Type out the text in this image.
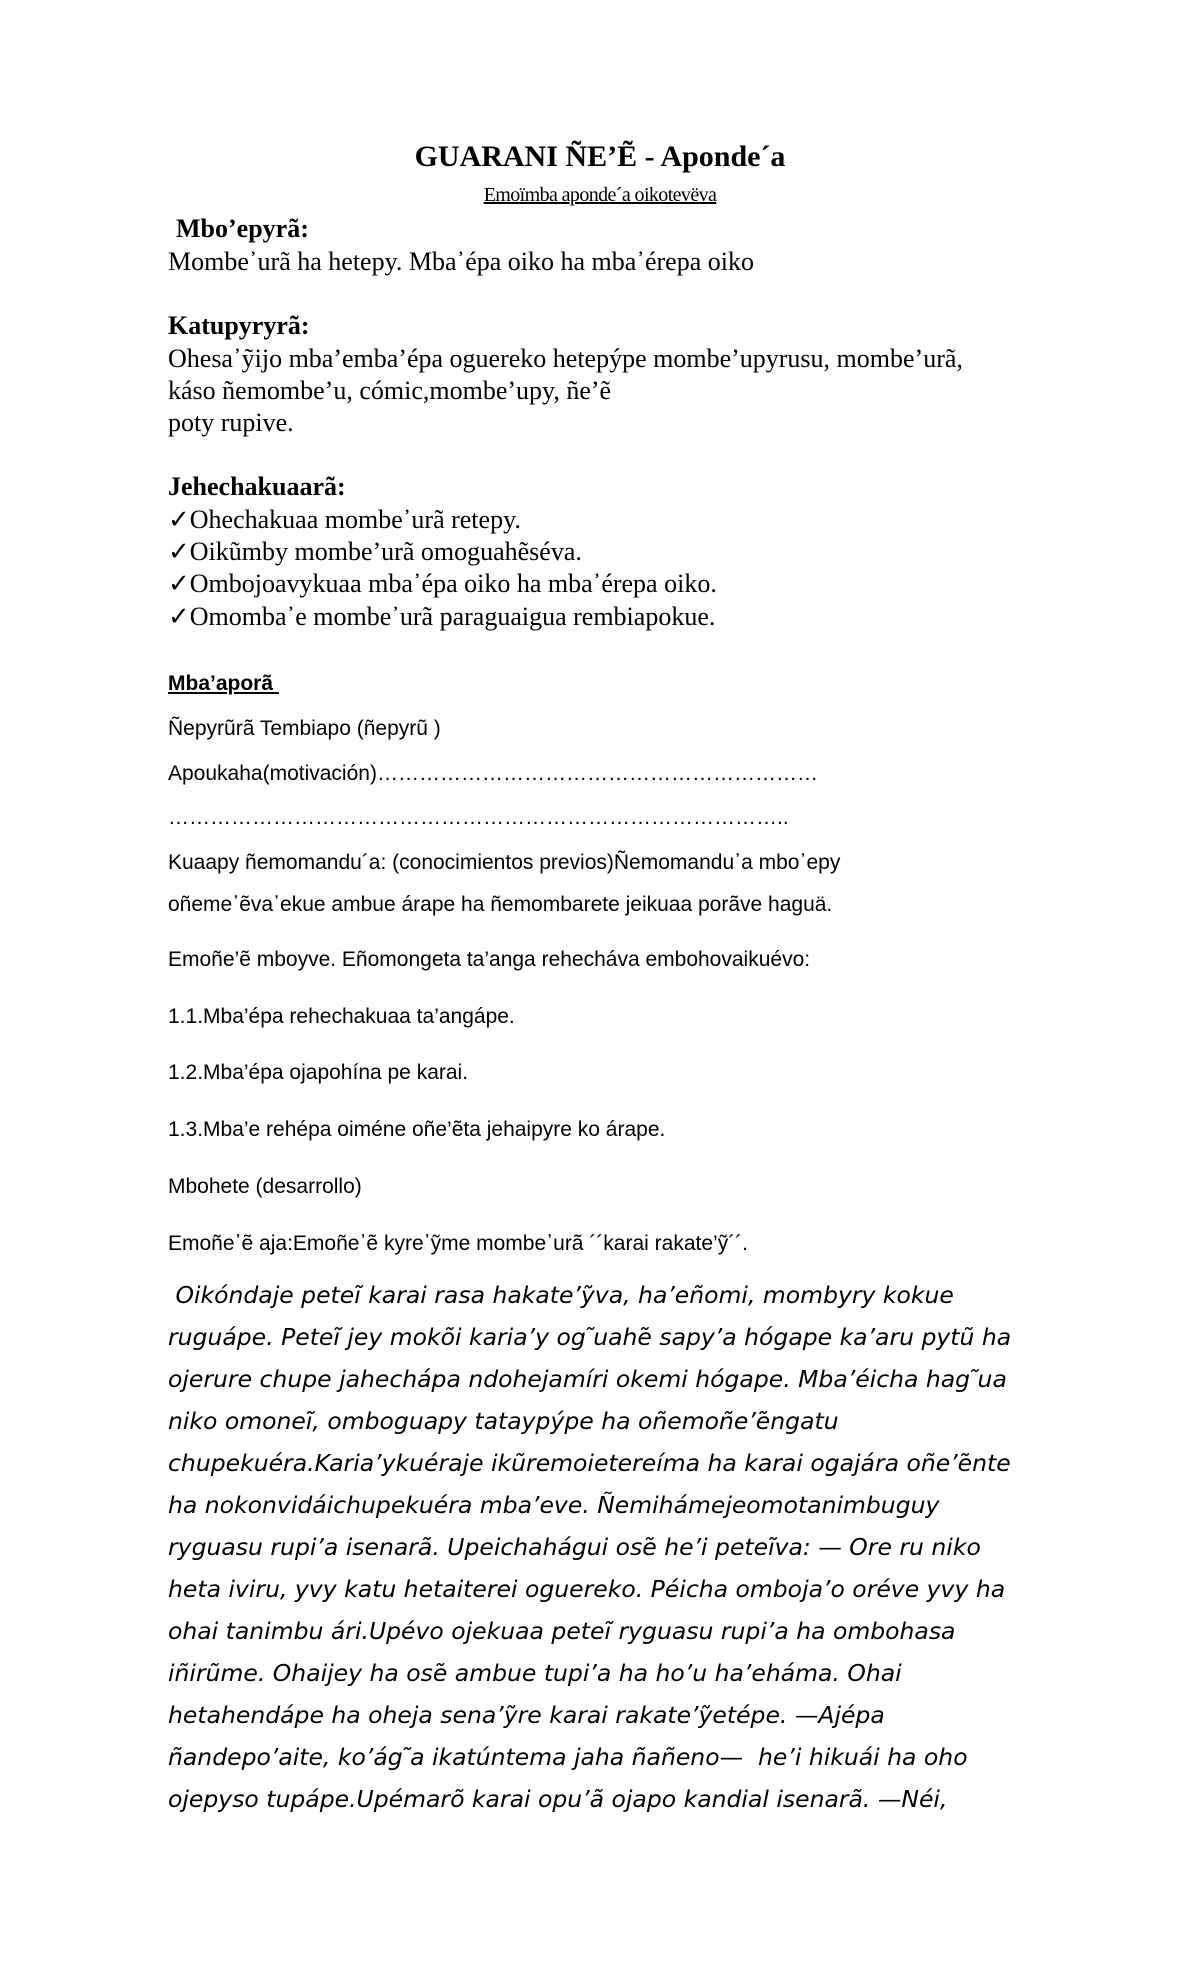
GUARANI ÑE’Ẽ - Aponde´a
Emoïmba aponde´a oikotevëva
Mbo’epyrã:
Mombe᾽urã ha hetepy. Mba᾽épa oiko ha mba᾽érepa oiko
Katupyryrã:
Ohesa᾽ỹijo mba’emba’épa oguereko hetepýpe mombe’upyrusu, mombe’urã,
káso ñemombe’u, cómic,mombe’upy, ñe’ẽ
poty rupive.
Jehechakuaarã:
✓Ohechakuaa mombe᾽urã retepy.
✓Oikũmby mombe’urã omoguahẽséva.
✓Ombojoavykuaa mba᾽épa oiko ha mba᾽érepa oiko.
✓Omomba᾽e mombe᾽urã paraguaigua rembiapokue.
Mba’aporã
Ñepyrũrã Tembiapo (ñepyrũ )
Apoukaha(motivación)………………………………………………………
……………………………………………………………………………..
Kuaapy ñemomandu´a: (conocimientos previos)Ñemomandu᾽a mbo᾽epy
oñeme᾽ẽva᾽ekue ambue árape ha ñemombarete jeikuaa porãve haguä.
Emoñe’ẽ mboyve. Eñomongeta ta’anga rehecháva embohovaikuévo:
1.1.Mba’épa rehechakuaa ta’angápe.
1.2.Mba’épa ojapohína pe karai.
1.3.Mba’e rehépa oiméne oñe’ẽta jehaipyre ko árape.
Mbohete (desarrollo)
Emoñe᾽ẽ aja:Emoñe᾽ẽ kyre᾽ỹme mombe᾽urã ´´karai rakate’ỹ´´.

Oikóndaje peteĩ karai rasa hakate’ỹva, ha’eñomi, mombyry kokue

ruguápe. Peteĩ jey mokõi karia’y og ̃uahẽ sapy’a hógape ka’aru pytũ ha

ojerure chupe jahechápa ndohejamíri okemi hógape. Mba’éicha hag ̃ua

niko omoneĩ, omboguapy tataypýpe ha oñemoñe’ẽngatu

chupekuéra.Karia’ykuéraje ikũremoietereíma ha karai ogajára oñe’ẽnte

ha nokonvidáichupekuéra mba’eve. Ñemihámejeomotanimbuguy

ryguasu rupi’a isenarã. Upeichahágui osẽ he’i peteĩva: — Ore ru niko

heta iviru, yvy katu hetaiterei oguereko. Péicha omboja’o oréve yvy ha

ohai tanimbu ári.Upévo ojekuaa peteĩ ryguasu rupi’a ha ombohasa

iñirũme. Ohaijey ha osẽ ambue tupi’a ha ho’u ha’eháma. Ohai

hetahendápe ha oheja sena’ỹre karai rakate’ỹetépe. —Ajépa

ñandepo’aite, ko’ág ̃a ikatúntema jaha ñañeno—  he’i hikuái ha oho

ojepyso tupápe.Upémarõ karai opu’ã ojapo kandial isenarã. —Néi,
